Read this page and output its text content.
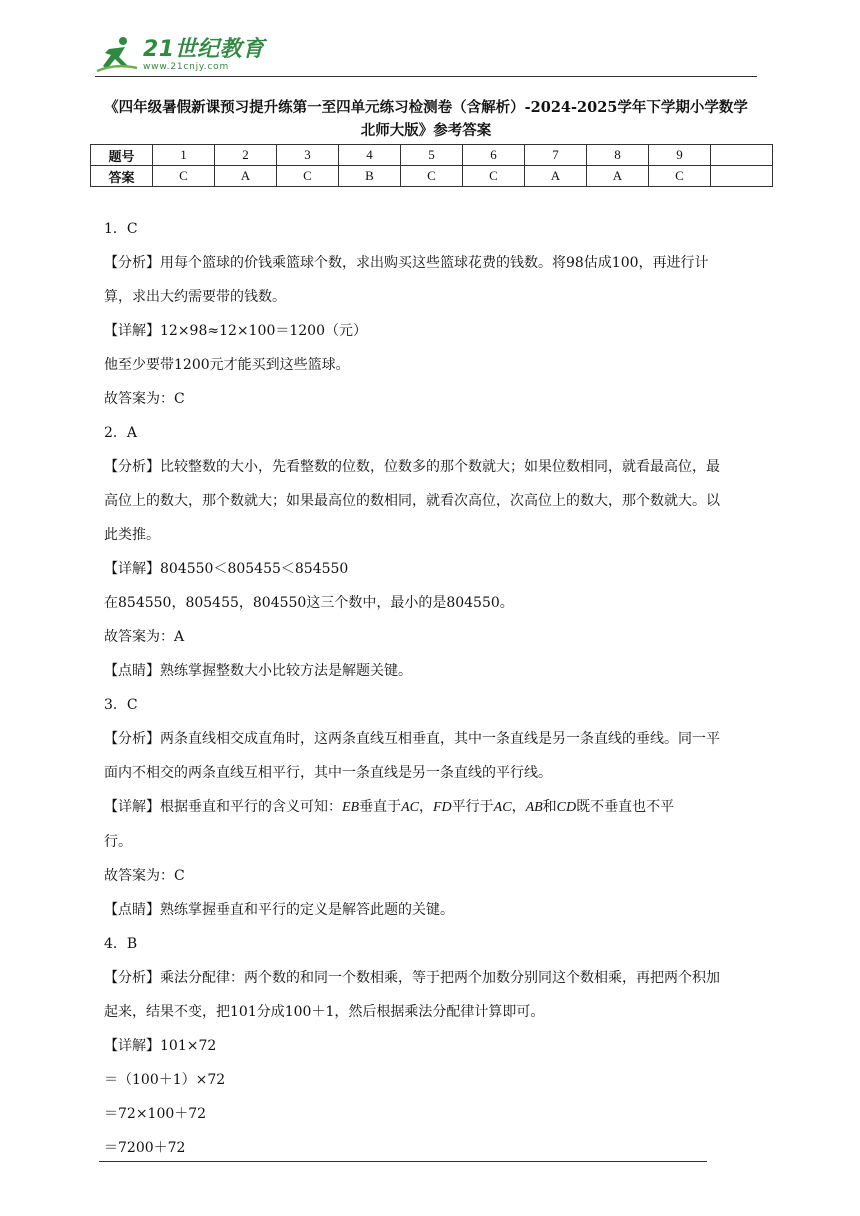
21世纪教育
www.21cnjy.com
《四年级暑假新课预习提升练第一至四单元练习检测卷（含解析）-2024-2025学年下学期小学数学
北师大版》参考答案
题号	1	2	3	4	5	6	7	8	9	
答案	C	A	C	B	C	C	A	A	C	
1．C
【分析】用每个篮球的价钱乘篮球个数，求出购买这些篮球花费的钱数。将98估成100，再进行计
算，求出大约需要带的钱数。
【详解】12×98≈12×100＝1200（元）
他至少要带1200元才能买到这些篮球。
故答案为：C
2．A
【分析】比较整数的大小，先看整数的位数，位数多的那个数就大；如果位数相同，就看最高位，最
高位上的数大，那个数就大；如果最高位的数相同，就看次高位，次高位上的数大，那个数就大。以
此类推。
【详解】804550＜805455＜854550
在854550，805455，804550这三个数中，最小的是804550。
故答案为：A
【点睛】熟练掌握整数大小比较方法是解题关键。
3．C
【分析】两条直线相交成直角时，这两条直线互相垂直，其中一条直线是另一条直线的垂线。同一平
面内不相交的两条直线互相平行，其中一条直线是另一条直线的平行线。
【详解】根据垂直和平行的含义可知：EB垂直于AC，FD平行于AC，AB和CD既不垂直也不平
行。
故答案为：C
【点睛】熟练掌握垂直和平行的定义是解答此题的关键。
4．B
【分析】乘法分配律：两个数的和同一个数相乘，等于把两个加数分别同这个数相乘，再把两个积加
起来，结果不变，把101分成100＋1，然后根据乘法分配律计算即可。
【详解】101×72
＝（100＋1）×72
＝72×100＋72
＝7200＋72
